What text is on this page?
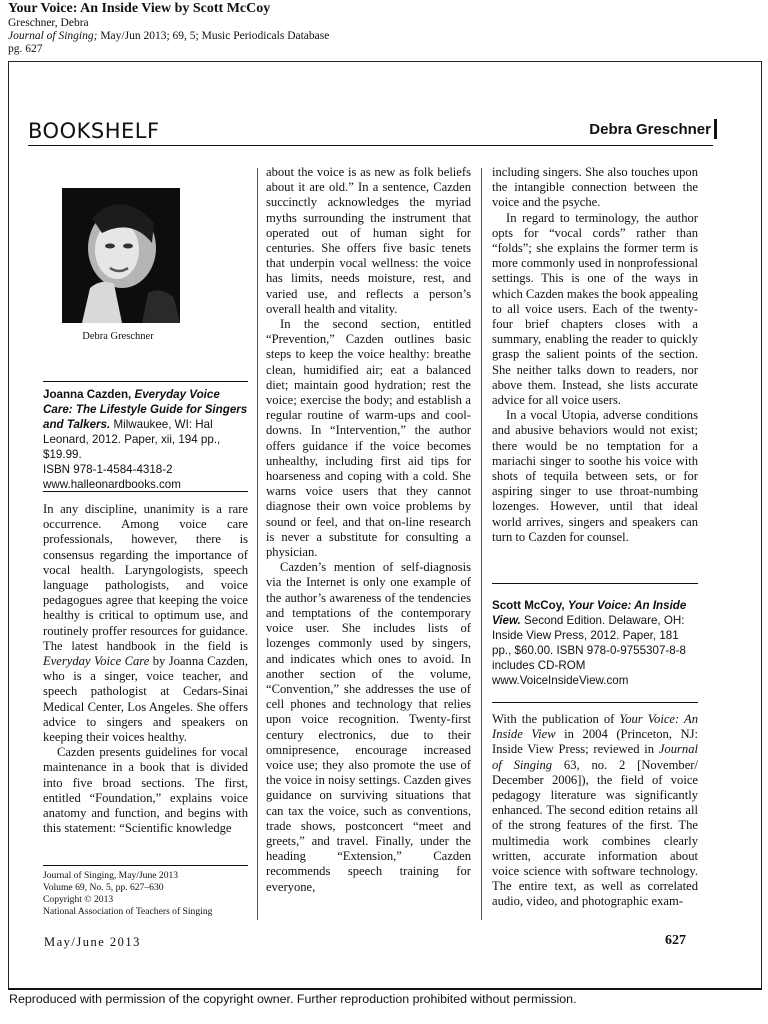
Your Voice: An Inside View by Scott McCoy
Greschner, Debra
Journal of Singing; May/Jun 2013; 69, 5; Music Periodicals Database
pg. 627
BOOKSHELF	Debra Greschner
Debra Greschner
Joanna Cazden, Everyday Voice Care: The Lifestyle Guide for Singers and Talkers. Milwaukee, WI: Hal Leonard, 2012. Paper, xii, 194 pp., $19.99.
ISBN 978-1-4584-4318-2
www.halleonardbooks.com

In any discipline, unanimity is a rare occurrence. Among voice care professionals, however, there is consensus regarding the importance of vocal health. Laryngologists, speech language pathologists, and voice pedagogues agree that keeping the voice healthy is critical to optimum use, and routinely proffer resources for guidance. The latest handbook in the field is Everyday Voice Care by Joanna Cazden, who is a singer, voice teacher, and speech pathologist at Cedars-Sinai Medical Center, Los Angeles. She offers advice to singers and speakers on keeping their voices healthy.

Cazden presents guidelines for vocal maintenance in a book that is divided into five broad sections. The first, entitled “Foundation,” explains voice anatomy and function, and begins with this statement: “Scientific knowledge

Journal of Singing, May/June 2013
Volume 69, No. 5, pp. 627–630
Copyright © 2013
National Association of Teachers of Singing

about the voice is as new as folk beliefs about it are old.” In a sentence, Cazden succinctly acknowledges the myriad myths surrounding the instrument that operated out of human sight for centuries. She offers five basic tenets that underpin vocal wellness: the voice has limits, needs moisture, rest, and varied use, and reflects a person’s overall health and vitality.

In the second section, entitled “Prevention,” Cazden outlines basic steps to keep the voice healthy: breathe clean, humidified air; eat a balanced diet; maintain good hydration; rest the voice; exercise the body; and establish a regular routine of warm-ups and cool-downs. In “Intervention,” the author offers guidance if the voice becomes unhealthy, including first aid tips for hoarseness and coping with a cold. She warns voice users that they cannot diagnose their own voice problems by sound or feel, and that on-line research is never a substitute for consulting a physician.

Cazden’s mention of self-diagnosis via the Internet is only one example of the author’s awareness of the tendencies and temptations of the contemporary voice user. She includes lists of lozenges commonly used by singers, and indicates which ones to avoid. In another section of the volume, “Convention,” she addresses the use of cell phones and technology that relies upon voice recognition. Twenty-first century electronics, due to their omnipresence, encourage increased voice use; they also promote the use of the voice in noisy settings. Cazden gives guidance on surviving situations that can tax the voice, such as conventions, trade shows, postconcert “meet and greets,” and travel. Finally, under the heading “Extension,” Cazden recommends speech training for everyone,

including singers. She also touches upon the intangible connection between the voice and the psyche.

In regard to terminology, the author opts for “vocal cords” rather than “folds”; she explains the former term is more commonly used in nonprofessional settings. This is one of the ways in which Cazden makes the book appealing to all voice users. Each of the twenty-four brief chapters closes with a summary, enabling the reader to quickly grasp the salient points of the section. She neither talks down to readers, nor above them. Instead, she lists accurate advice for all voice users.

In a vocal Utopia, adverse conditions and abusive behaviors would not exist; there would be no temptation for a mariachi singer to soothe his voice with shots of tequila between sets, or for aspiring singer to use throat-numbing lozenges. However, until that ideal world arrives, singers and speakers can turn to Cazden for counsel.

Scott McCoy, Your Voice: An Inside View. Second Edition. Delaware, OH: Inside View Press, 2012. Paper, 181 pp., $60.00. ISBN 978-0-9755307-8-8 includes CD-ROM
www.VoiceInsideView.com

With the publication of Your Voice: An Inside View in 2004 (Princeton, NJ: Inside View Press; reviewed in Journal of Singing 63, no. 2 [November/ December 2006]), the field of voice pedagogy literature was significantly enhanced. The second edition retains all of the strong features of the first. The multimedia work combines clearly written, accurate information about voice science with software technology. The entire text, as well as correlated audio, video, and photographic exam-

May/June 2013	627
Reproduced with permission of the copyright owner. Further reproduction prohibited without permission.
